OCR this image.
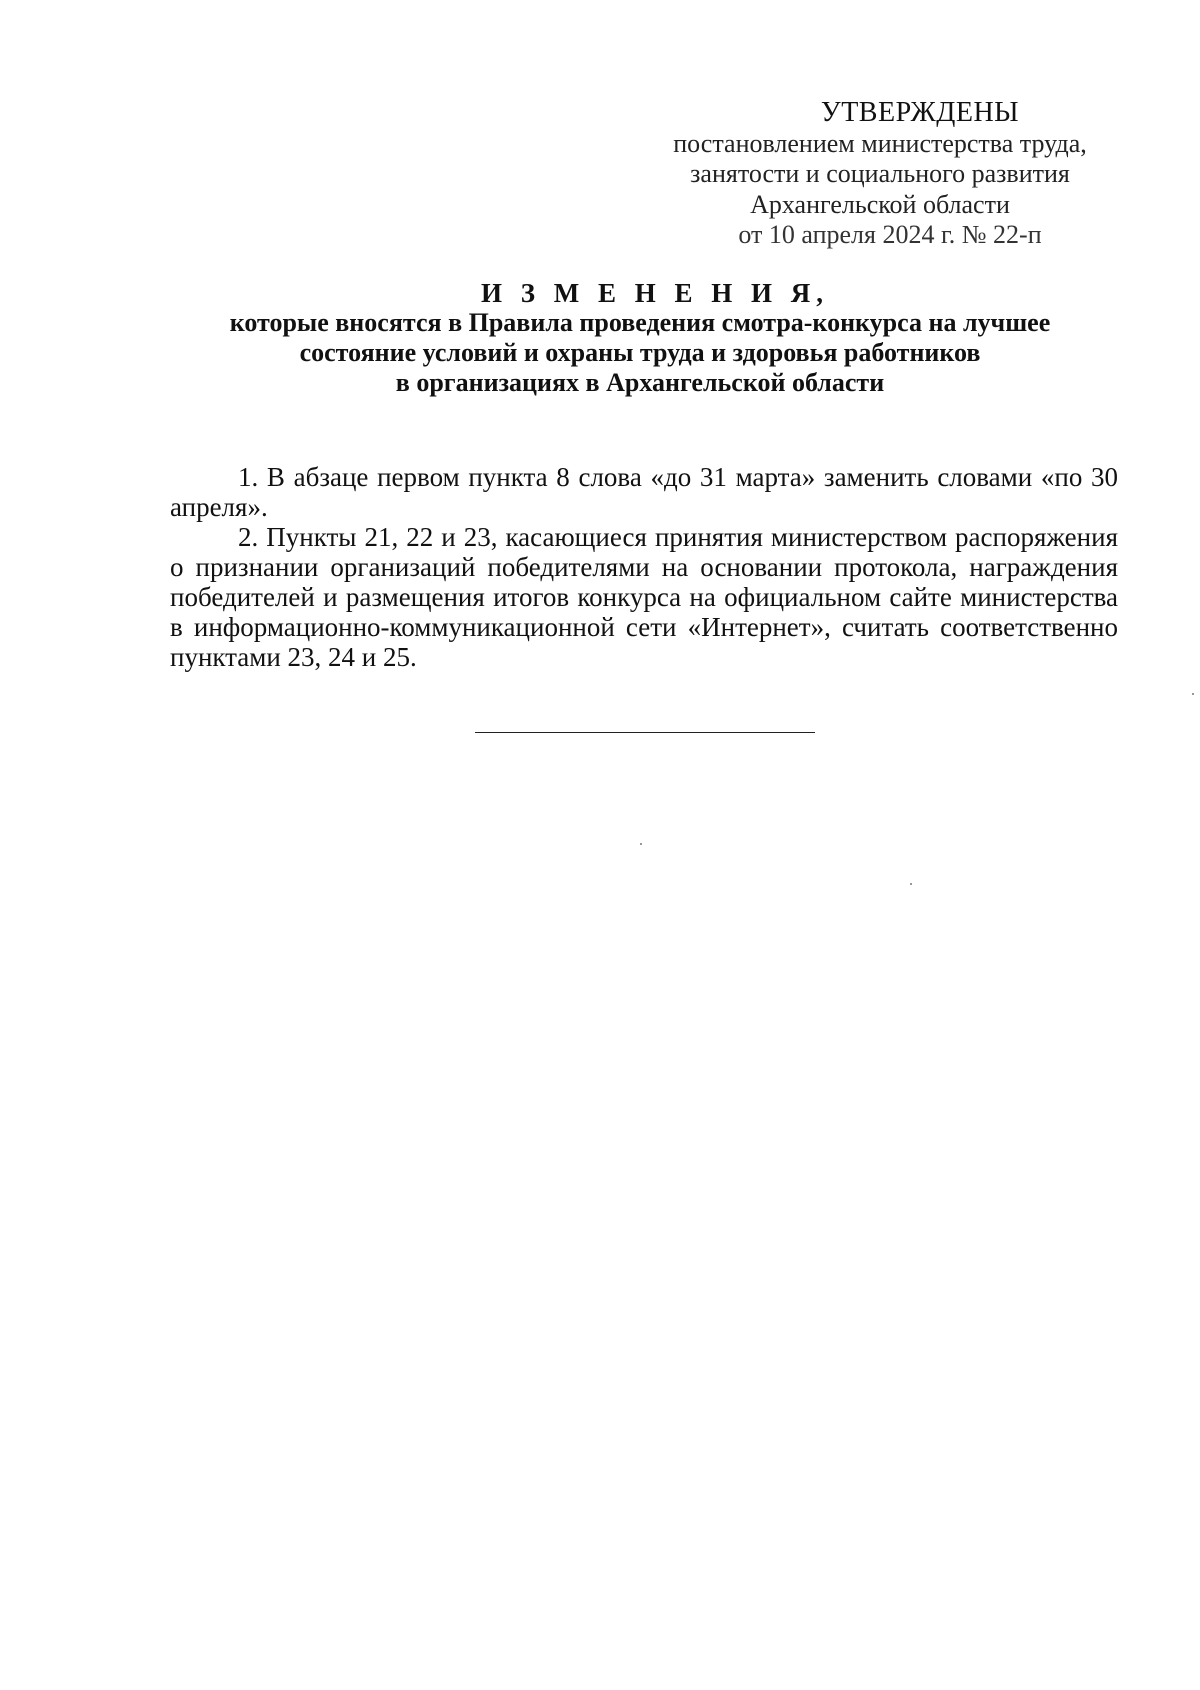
УТВЕРЖДЕНЫ
постановлением министерства труда,
занятости и социального развития
Архангельской области
от 10 апреля 2024 г. № 22-п
И З М Е Н Е Н И Я,
которые вносятся в Правила проведения смотра-конкурса на лучшее
состояние условий и охраны труда и здоровья работников
в организациях в Архангельской области

1. В абзаце первом пункта 8 слова «до 31 марта» заменить словами «по 30 апреля».

2. Пункты 21, 22 и 23, касающиеся принятия министерством распоряжения о признании организаций победителями на основании протокола, награждения победителей и размещения итогов конкурса на официальном сайте министерства в информационно-коммуникационной сети «Интернет», считать соответственно пунктами 23, 24 и 25.
